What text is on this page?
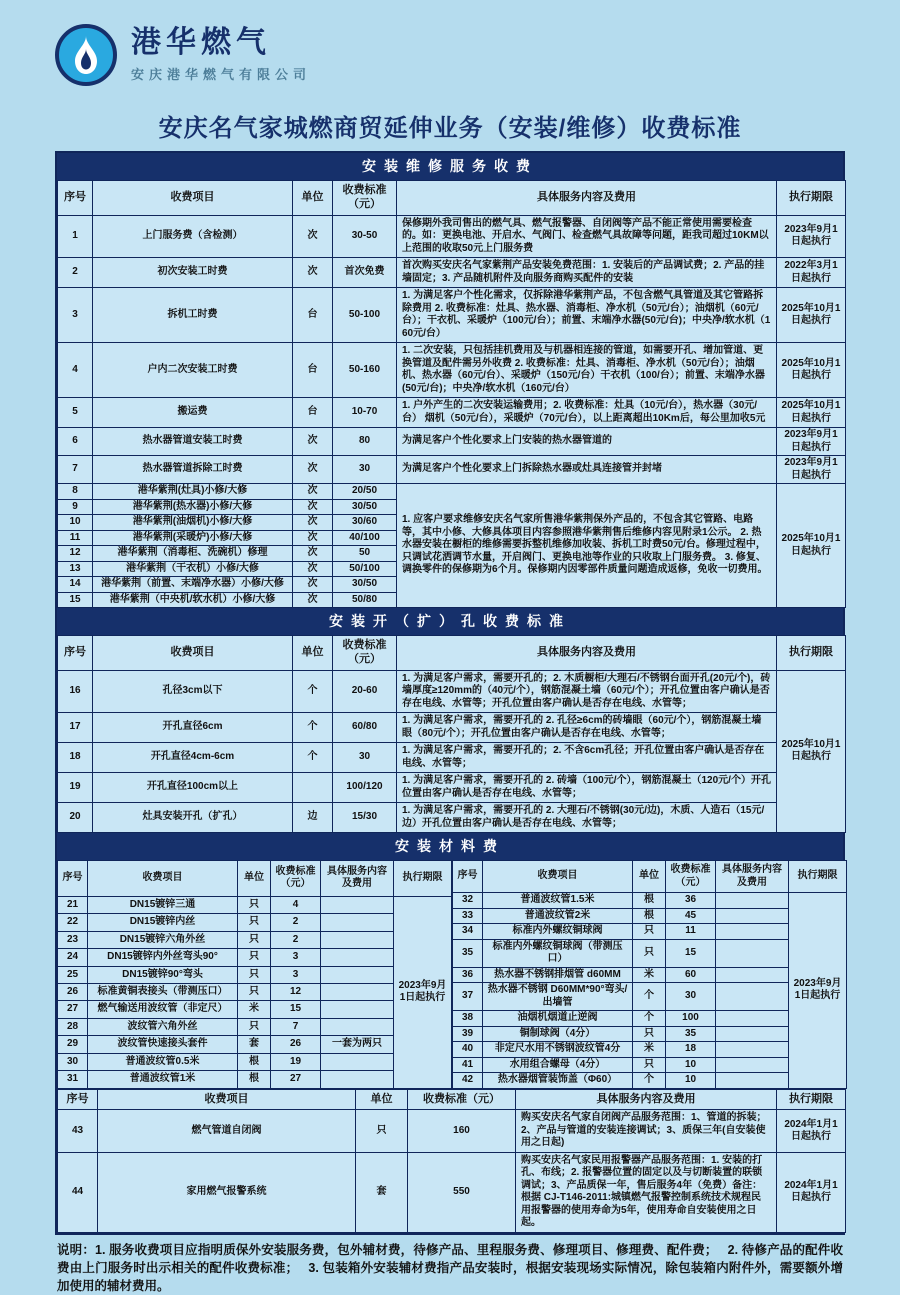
港华燃气
安庆港华燃气有限公司
安庆名气家城燃商贸延伸业务（安装/维修）收费标准
安装维修服务收费
序号	收费项目	单位	收费标准（元）	具体服务内容及费用	执行期限
1	上门服务费（含检测）	次	30-50	保修期外我司售出的燃气具、燃气报警器、自闭阀等产品不能正常使用需要检查的。如：更换电池、开启水、气阀门、检查燃气具故障等问题，距我司超过10KM以上范围的收取50元上门服务费	2023年9月1日起执行
2	初次安装工时费	次	首次免费	首次购买安庆名气家紫荆产品安装免费范围：1. 安装后的产品调试费；2. 产品的挂墙固定；3. 产品随机附件及向服务商购买配件的安装	2022年3月1日起执行
3	拆机工时费	台	50-100	1. 为满足客户个性化需求，仅拆除港华紫荆产品，不包含燃气具管道及其它管路拆除费用 2. 收费标准：灶具、热水器、消毒柜、净水机（50元/台）；油烟机（60元/台）；干衣机、采暖炉（100元/台）；前置、末端净水器(50元/台)；中央净/软水机（160元/台）	2025年10月1日起执行
4	户内二次安装工时费	台	50-160	1. 二次安装，只包括挂机费用及与机器相连接的管道，如需要开孔、增加管道、更换管道及配件需另外收费 2. 收费标准：灶具、消毒柜、净水机（50元/台）；油烟机、热水器（60元/台）、采暖炉（150元/台）干衣机（100/台）；前置、末端净水器(50元/台)；中央净/软水机（160元/台）	2025年10月1日起执行
5	搬运费	台	10-70	1. 户外产生的二次安装运输费用；2. 收费标准：灶具（10元/台），热水器（30元/台） 烟机（50元/台），采暖炉（70元/台），以上距离超出10Km后，每公里加收5元	2025年10月1日起执行
6	热水器管道安装工时费	次	80	为满足客户个性化要求上门安装的热水器管道的	2023年9月1日起执行
7	热水器管道拆除工时费	次	30	为满足客户个性化要求上门拆除热水器或灶具连接管并封堵	2023年9月1日起执行
8	港华紫荆(灶具)小修/大修	次	20/50	1. 应客户要求维修安庆名气家所售港华紫荆保外产品的，不包含其它管路、电路等，其中小修、大修具体项目内容参照港华紫荆售后维修内容见附录1公示。 2. 热水器安装在橱柜的维修需要拆整机维修加收装、拆机工时费50元/台。修理过程中，只调试花洒调节水量，开启阀门、更换电池等作业的只收取上门服务费。 3. 修复、调换零件的保修期为6个月。保修期内因零部件质量问题造成返修，免收一切费用。	2025年10月1日起执行
9	港华紫荆(热水器)小修/大修	次	30/50		
10	港华紫荆(油烟机)小修/大修	次	30/60		
11	港华紫荆(采暖炉)小修/大修	次	40/100		
12	港华紫荆（消毒柜、洗碗机）修理	次	50		
13	港华紫荆（干衣机）小修/大修	次	50/100		
14	港华紫荆（前置、末端净水器）小修/大修	次	30/50		
15	港华紫荆（中央机/软水机）小修/大修	次	50/80		
安装开（扩）孔收费标准
序号	收费项目	单位	收费标准（元）	具体服务内容及费用	执行期限
16	孔径3cm以下	个	20-60	1. 为满足客户需求，需要开孔的；2. 木质橱柜/大理石/不锈钢台面开孔(20元/个)，砖墙厚度≥120mm的（40元/个），钢筋混凝土墙（60元/个）；开孔位置由客户确认是否存在电线、水管等；开孔位置由客户确认是否存在电线、水管等；	2025年10月1日起执行
17	开孔直径6cm	个	60/80	1. 为满足客户需求，需要开孔的 2. 孔径≥6cm的砖墙眼（60元/个），钢筋混凝土墙眼（80元/个）；开孔位置由客户确认是否存在电线、水管等；	
18	开孔直径4cm-6cm	个	30	1. 为满足客户需求，需要开孔的；2. 不含6cm孔径；开孔位置由客户确认是否存在电线、水管等；	
19	开孔直径100cm以上		100/120	1. 为满足客户需求，需要开孔的 2. 砖墙（100元/个），钢筋混凝土（120元/个）开孔位置由客户确认是否存在电线、水管等；	
20	灶具安装开孔（扩孔）	边	15/30	1. 为满足客户需求，需要开孔的 2. 大理石/不锈钢(30元/边)，木质、人造石（15元/边）开孔位置由客户确认是否存在电线、水管等；	
安装材料费
序号	收费项目	单位	收费标准（元）	具体服务内容及费用	执行期限
21	DN15镀锌三通	只	4		2023年9月1日起执行
22	DN15镀锌内丝	只	2		
23	DN15镀锌六角外丝	只	2		
24	DN15镀锌内外丝弯头90°	只	3		
25	DN15镀锌90°弯头	只	3		
26	标准黄铜表接头（带测压口）	只	12		
27	燃气输送用波纹管（非定尺）	米	15		
28	波纹管六角外丝	只	7		
29	波纹管快速接头套件	套	26	一套为两只	
30	普通波纹管0.5米	根	19		
31	普通波纹管1米	根	27		
序号	收费项目	单位	收费标准（元）	具体服务内容及费用	执行期限
32	普通波纹管1.5米	根	36		2023年9月1日起执行
33	普通波纹管2米	根	45		
34	标准内外螺纹铜球阀	只	11		
35	标准内外螺纹铜球阀（带测压口）	只	15		
36	热水器不锈钢排烟管 d60MM	米	60		
37	热水器不锈钢 D60MM*90°弯头/出墙管	个	30		
38	油烟机烟道止逆阀	个	100		
39	铜制球阀（4分）	只	35		
40	非定尺水用不锈钢波纹管4分	米	18		
41	水用组合螺母（4分）	只	10		
42	热水器烟管装饰盖（Φ60）	个	10		
序号	收费项目	单位	收费标准（元）	具体服务内容及费用	执行期限
43	燃气管道自闭阀	只	160	购买安庆名气家自闭阀产品服务范围：1、管道的拆装；2、产品与管道的安装连接调试；3、质保三年(自安装使用之日起)	2024年1月1日起执行
44	家用燃气报警系统	套	550	购买安庆名气家民用报警器产品服务范围：1. 安装的打孔、布线；2. 报警器位置的固定以及与切断装置的联锁调试；3、产品质保一年，售后服务4年（免费）备注：根据 CJ-T146-2011:城镇燃气报警控制系统技术规程民用报警器的使用寿命为5年，使用寿命自安装使用之日起。	2024年1月1日起执行
说明：1. 服务收费项目应指明质保外安装服务费，包外辅材费，待修产品、里程服务费、修理项目、修理费、配件费；　 2. 待修产品的配件收费由上门服务时出示相关的配件收费标准；　 3. 包装箱外安装辅材费指产品安装时，根据安装现场实际情况，除包装箱内附件外，需要额外增加使用的辅材费用。
